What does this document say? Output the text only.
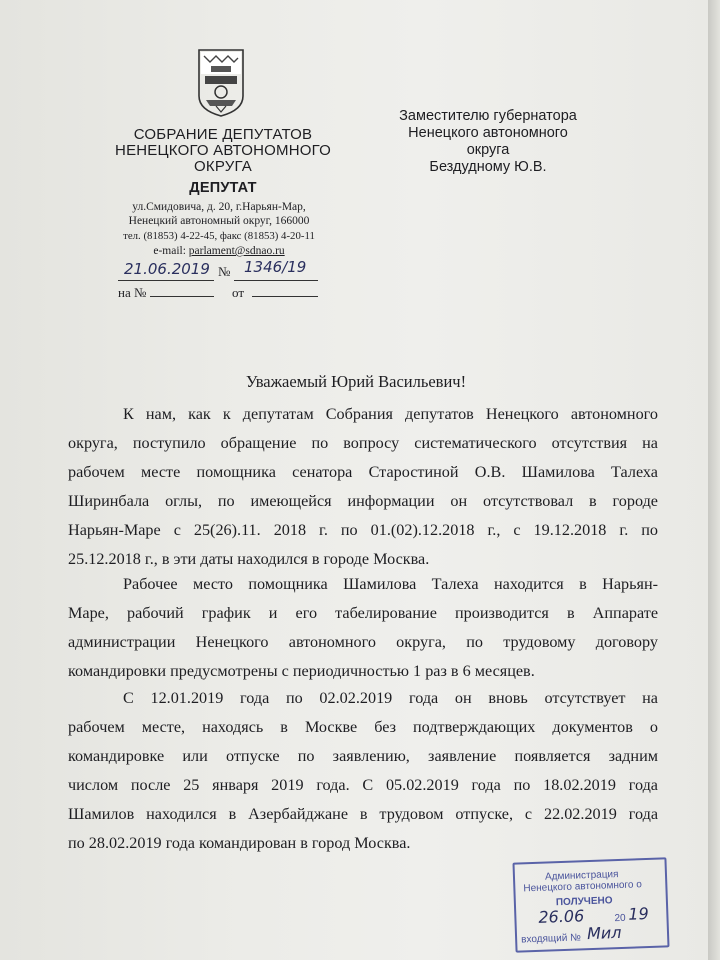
СОБРАНИЕ ДЕПУТАТОВ
НЕНЕЦКОГО АВТОНОМНОГО
ОКРУГА
ДЕПУТАТ
ул.Смидовича, д. 20, г.Нарьян-Мар,
Ненецкий автономный округ, 166000
тел. (81853) 4-22-45, факс (81853) 4-20-11
e-mail: parlament@sdnao.ru
21.06.2019 № 1346/19
на №	от
Заместителю губернатора
Ненецкого автономного округа
Бездудному Ю.В.
Уважаемый Юрий Васильевич!
К нам, как к депутатам Собрания депутатов Ненецкого автономного
округа, поступило обращение по вопросу систематического отсутствия на
рабочем месте помощника сенатора Старостиной О.В. Шамилова Талеха
Ширинбала оглы, по имеющейся информации он отсутствовал в городе
Нарьян-Маре с 25(26).11. 2018 г. по 01.(02).12.2018 г., с 19.12.2018 г. по
25.12.2018 г., в эти даты находился в городе Москва.
Рабочее место помощника Шамилова Талеха находится в Нарьян-
Маре, рабочий график и его табелирование производится в Аппарате
администрации Ненецкого автономного округа, по трудовому договору
командировки предусмотрены с периодичностью 1 раз в 6 месяцев.
С 12.01.2019 года по 02.02.2019 года он вновь отсутствует на
рабочем месте, находясь в Москве без подтверждающих документов о
командировке или отпуске по заявлению, заявление появляется задним
числом после 25 января 2019 года. С 05.02.2019 года по 18.02.2019 года
Шамилов находился в Азербайджане в трудовом отпуске, с 22.02.2019 года
по 28.02.2019 года командирован в город Москва.
Администрация
Ненецкого автономного о
ПОЛУЧЕНО
26.06	20 19
входящий № Мил
